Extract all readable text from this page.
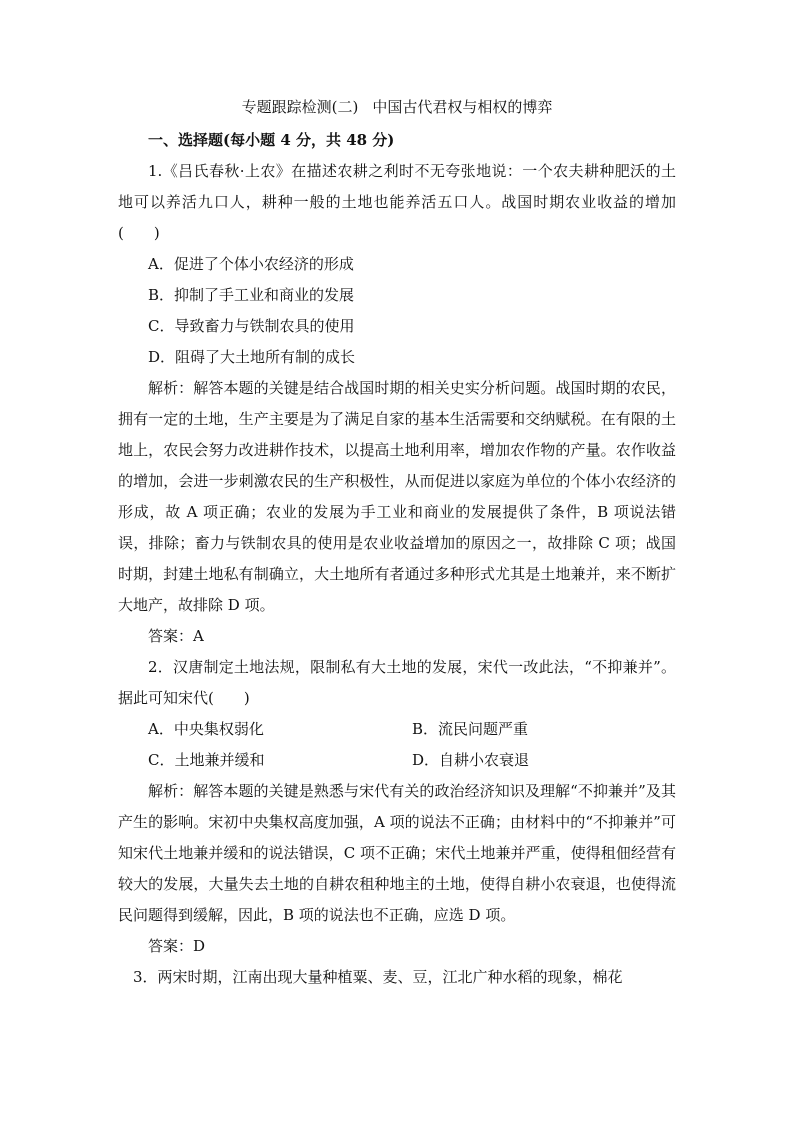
专题跟踪检测(二) 中国古代君权与相权的博弈

一、选择题(每小题 4 分，共 48 分)

1.《吕氏春秋·上农》在描述农耕之利时不无夸张地说：一个农夫耕种肥沃的土地可以养活九口人，耕种一般的土地也能养活五口人。战国时期农业收益的增加(　　)

A．促进了个体小农经济的形成

B．抑制了手工业和商业的发展

C．导致畜力与铁制农具的使用

D．阻碍了大土地所有制的成长

解析：解答本题的关键是结合战国时期的相关史实分析问题。战国时期的农民，拥有一定的土地，生产主要是为了满足自家的基本生活需要和交纳赋税。在有限的土地上，农民会努力改进耕作技术，以提高土地利用率，增加农作物的产量。农作收益的增加，会进一步刺激农民的生产积极性，从而促进以家庭为单位的个体小农经济的形成，故 A 项正确；农业的发展为手工业和商业的发展提供了条件，B 项说法错误，排除；畜力与铁制农具的使用是农业收益增加的原因之一，故排除 C 项；战国时期，封建土地私有制确立，大土地所有者通过多种形式尤其是土地兼并，来不断扩大地产，故排除 D 项。

答案：A

2．汉唐制定土地法规，限制私有大土地的发展，宋代一改此法，“不抑兼并”。据此可知宋代(　　)

A．中央集权弱化	B．流民问题严重
C．土地兼并缓和	D．自耕小农衰退

解析：解答本题的关键是熟悉与宋代有关的政治经济知识及理解“不抑兼并”及其产生的影响。宋初中央集权高度加强，A 项的说法不正确；由材料中的“不抑兼并”可知宋代土地兼并缓和的说法错误，C 项不正确；宋代土地兼并严重，使得租佃经营有较大的发展，大量失去土地的自耕农租种地主的土地，使得自耕小农衰退，也使得流民问题得到缓解，因此，B 项的说法也不正确，应选 D 项。

答案：D

3．两宋时期，江南出现大量种植粟、麦、豆，江北广种水稻的现象，棉花
